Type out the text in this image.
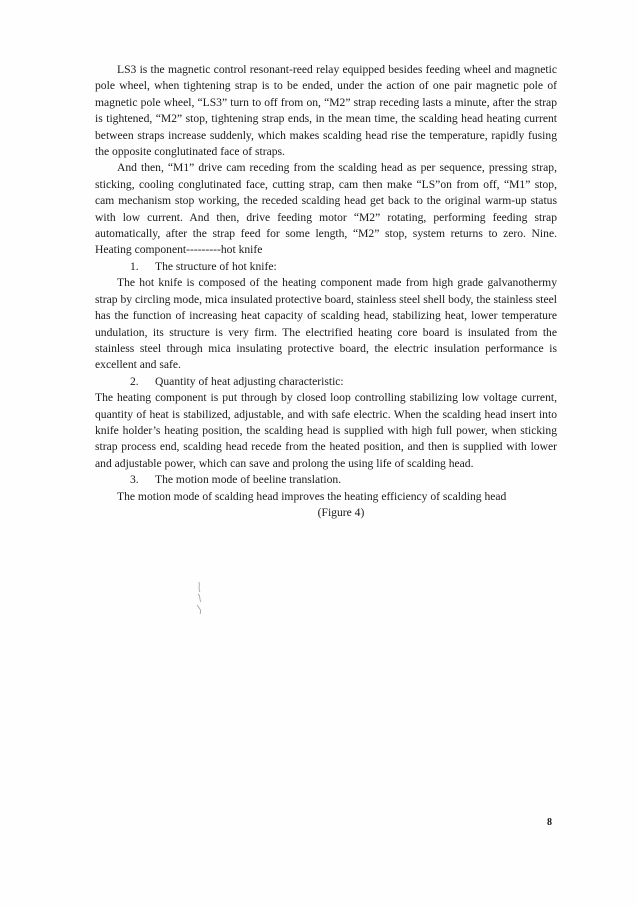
LS3 is the magnetic control resonant-reed relay equipped besides feeding wheel and magnetic pole wheel, when tightening strap is to be ended, under the action of one pair magnetic pole of magnetic pole wheel, “LS3” turn to off from on, “M2” strap receding lasts a minute, after the strap is tightened, “M2” stop, tightening strap ends, in the mean time, the scalding head heating current between straps increase suddenly, which makes scalding head rise the temperature, rapidly fusing the opposite conglutinated face of straps.

And then, “M1” drive cam receding from the scalding head as per sequence, pressing strap, sticking, cooling conglutinated face, cutting strap, cam then make “LS”on from off, “M1” stop, cam mechanism stop working, the receded scalding head get back to the original warm-up status with low current. And then, drive feeding motor “M2” rotating, performing feeding strap automatically, after the strap feed for some length, “M2” stop, system returns to zero. Nine. Heating component---------hot knife

1. The structure of hot knife:

The hot knife is composed of the heating component made from high grade galvanothermy strap by circling mode, mica insulated protective board, stainless steel shell body, the stainless steel has the function of increasing heat capacity of scalding head, stabilizing heat, lower temperature undulation, its structure is very firm. The electrified heating core board is insulated from the stainless steel through mica insulating protective board, the electric insulation performance is excellent and safe.

2. Quantity of heat adjusting characteristic:

The heating component is put through by closed loop controlling stabilizing low voltage current, quantity of heat is stabilized, adjustable, and with safe electric. When the scalding head insert into knife holder’s heating position, the scalding head is supplied with high full power, when sticking strap process end, scalding head recede from the heated position, and then is supplied with lower and adjustable power, which can save and prolong the using life of scalding head.

3. The motion mode of beeline translation.

The motion mode of scalding head improves the heating efficiency of scalding head

(Figure 4)

8
